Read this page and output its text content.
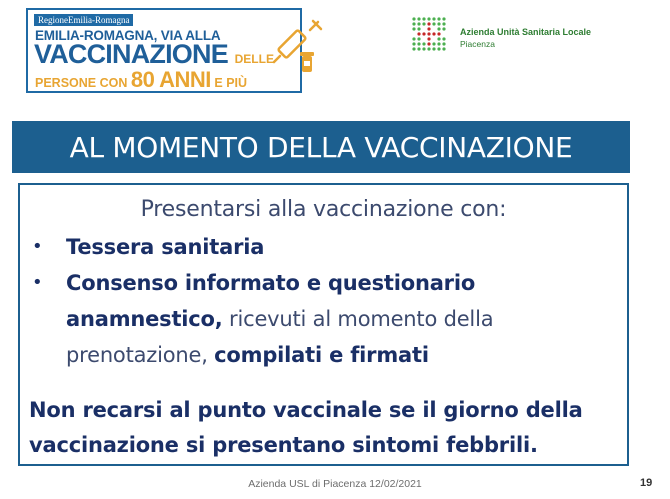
RegioneEmilia-Romagna
EMILIA-ROMAGNA, VIA ALLA
VACCINAZIONE DELLE
PERSONE CON 80 ANNI E PIÙ
Azienda Unità Sanitaria Locale
Piacenza
AL MOMENTO DELLA VACCINAZIONE
Presentarsi alla vaccinazione con:
• Tessera sanitaria
• Consenso informato e questionario anamnestico, ricevuti al momento della prenotazione, compilati e firmati
Non recarsi al punto vaccinale se il giorno della vaccinazione si presentano sintomi febbrili.
Azienda USL di Piacenza 12/02/2021	19
